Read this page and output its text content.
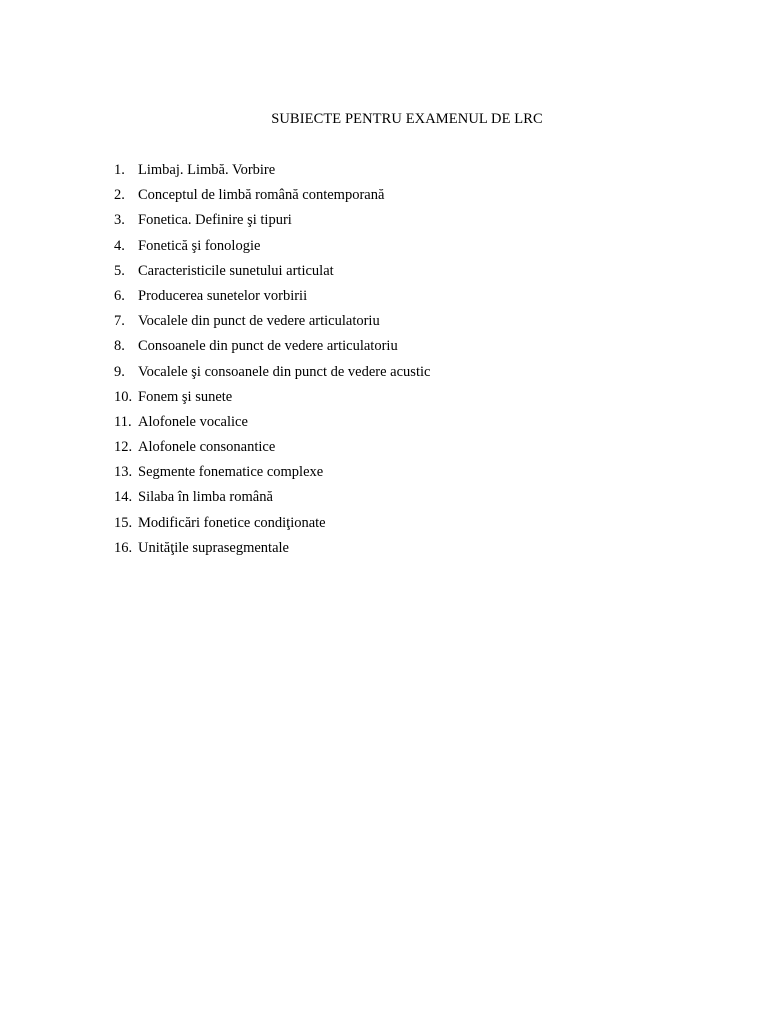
SUBIECTE PENTRU EXAMENUL DE LRC
1. Limbaj. Limbă. Vorbire
2. Conceptul de limbă română contemporană
3. Fonetica. Definire şi tipuri
4. Fonetică şi fonologie
5. Caracteristicile sunetului articulat
6. Producerea sunetelor vorbirii
7. Vocalele din punct de vedere articulatoriu
8. Consoanele din punct de vedere articulatoriu
9. Vocalele şi consoanele din punct de vedere acustic
10. Fonem şi sunete
11. Alofonele vocalice
12. Alofonele consonantice
13. Segmente fonematice complexe
14. Silaba în limba română
15. Modificări fonetice condiţionate
16. Unităţile suprasegmentale
